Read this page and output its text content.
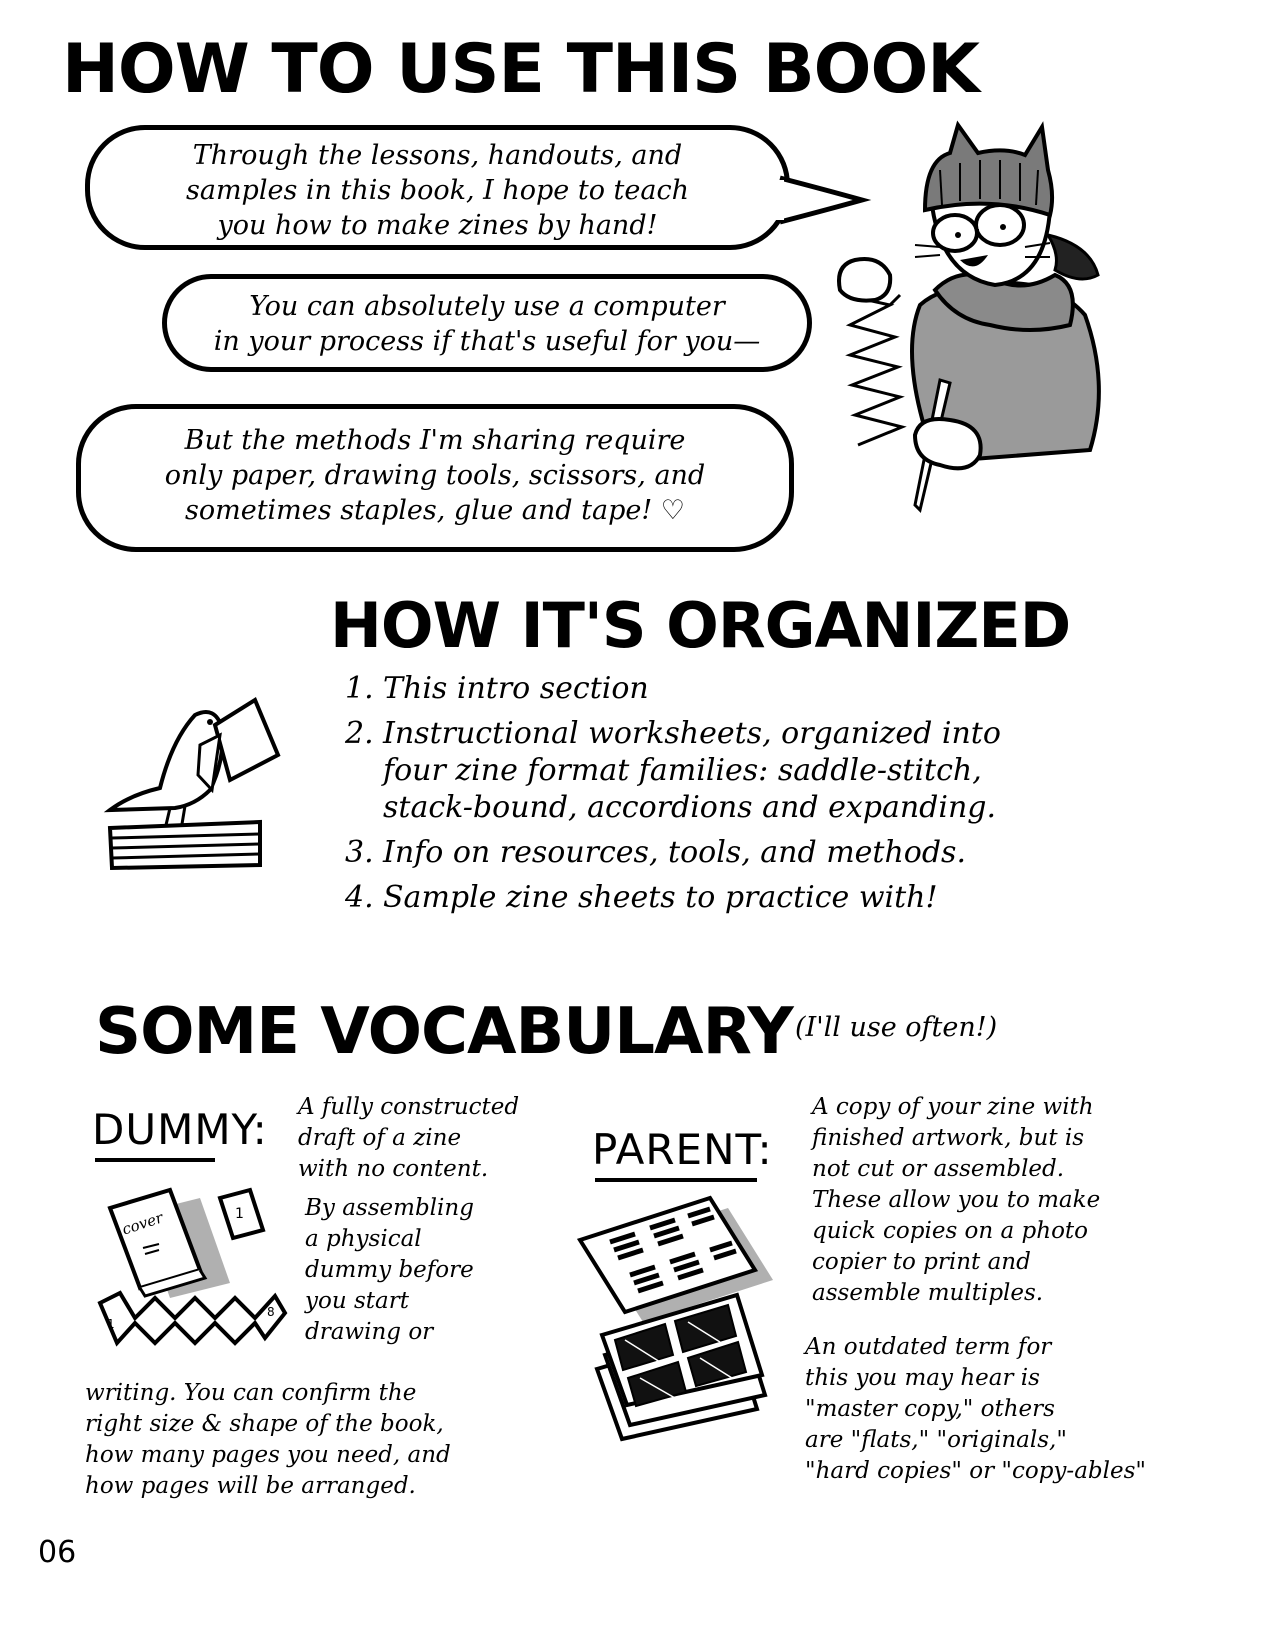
HOW TO USE THIS BOOK
Through the lessons, handouts, and
samples in this book, I hope to teach
you how to make zines by hand!
You can absolutely use a computer
in your process if that's useful for you—
But the methods I'm sharing require
only paper, drawing tools, scissors, and
sometimes staples, glue and tape! ♡
HOW IT'S ORGANIZED
1. This intro section
2. Instructional worksheets, organized into
four zine format families: saddle-stitch,
stack-bound, accordions and expanding.
3. Info on resources, tools, and methods.
4. Sample zine sheets to practice with!
SOME VOCABULARY (I'll use often!)
DUMMY: A fully constructed
draft of a zine
with no content.
By assembling
a physical
dummy before
you start
drawing or
writing. You can confirm the
right size & shape of the book,
how many pages you need, and
how pages will be arranged.
cover	1
1
8
PARENT:
A copy of your zine with
finished artwork, but is
not cut or assembled.
These allow you to make
quick copies on a photo
copier to print and
assemble multiples.
An outdated term for
this you may hear is
"master copy," others
are "flats," "originals,"
"hard copies" or "copy-ables"
06
